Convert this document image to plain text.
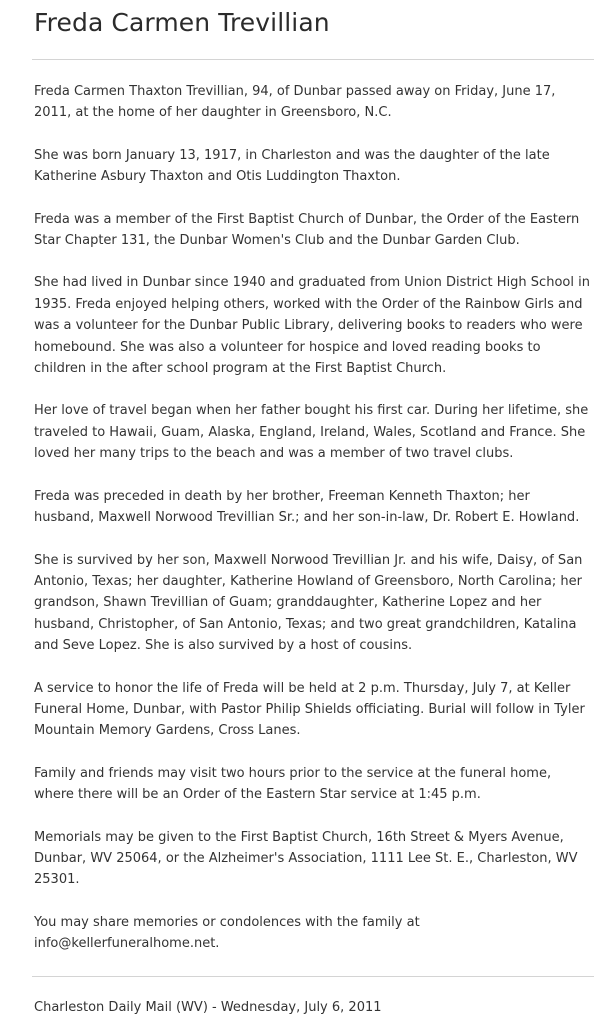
Freda Carmen Trevillian

Freda Carmen Thaxton Trevillian, 94, of Dunbar passed away on Friday, June 17, 2011, at the home of her daughter in Greensboro, N.C.

She was born January 13, 1917, in Charleston and was the daughter of the late Katherine Asbury Thaxton and Otis Luddington Thaxton.

Freda was a member of the First Baptist Church of Dunbar, the Order of the Eastern Star Chapter 131, the Dunbar Women's Club and the Dunbar Garden Club.

She had lived in Dunbar since 1940 and graduated from Union District High School in 1935. Freda enjoyed helping others, worked with the Order of the Rainbow Girls and was a volunteer for the Dunbar Public Library, delivering books to readers who were homebound. She was also a volunteer for hospice and loved reading books to children in the after school program at the First Baptist Church.

Her love of travel began when her father bought his first car. During her lifetime, she traveled to Hawaii, Guam, Alaska, England, Ireland, Wales, Scotland and France. She loved her many trips to the beach and was a member of two travel clubs.

Freda was preceded in death by her brother, Freeman Kenneth Thaxton; her husband, Maxwell Norwood Trevillian Sr.; and her son-in-law, Dr. Robert E. Howland.

She is survived by her son, Maxwell Norwood Trevillian Jr. and his wife, Daisy, of San Antonio, Texas; her daughter, Katherine Howland of Greensboro, North Carolina; her grandson, Shawn Trevillian of Guam; granddaughter, Katherine Lopez and her husband, Christopher, of San Antonio, Texas; and two great grandchildren, Katalina and Seve Lopez. She is also survived by a host of cousins.

A service to honor the life of Freda will be held at 2 p.m. Thursday, July 7, at Keller Funeral Home, Dunbar, with Pastor Philip Shields officiating. Burial will follow in Tyler Mountain Memory Gardens, Cross Lanes.

Family and friends may visit two hours prior to the service at the funeral home, where there will be an Order of the Eastern Star service at 1:45 p.m.

Memorials may be given to the First Baptist Church, 16th Street & Myers Avenue, Dunbar, WV 25064, or the Alzheimer's Association, 1111 Lee St. E., Charleston, WV 25301.

You may share memories or condolences with the family at info@kellerfuneralhome.net.

Charleston Daily Mail (WV) - Wednesday, July 6, 2011
